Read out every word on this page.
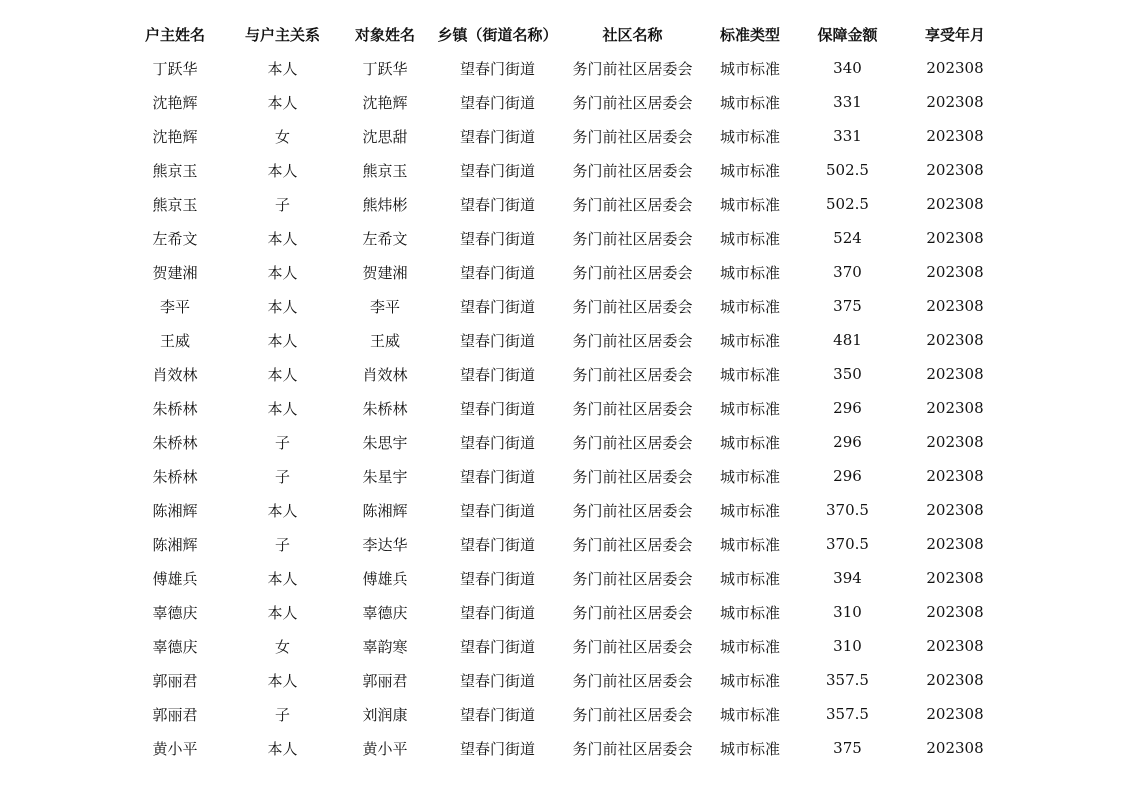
户主姓名	与户主关系	对象姓名	乡镇（街道名称）	社区名称	标准类型	保障金额	享受年月
丁跃华	本人	丁跃华	望春门街道	务门前社区居委会	城市标准	340	202308
沈艳辉	本人	沈艳辉	望春门街道	务门前社区居委会	城市标准	331	202308
沈艳辉	女	沈思甜	望春门街道	务门前社区居委会	城市标准	331	202308
熊京玉	本人	熊京玉	望春门街道	务门前社区居委会	城市标准	502.5	202308
熊京玉	子	熊炜彬	望春门街道	务门前社区居委会	城市标准	502.5	202308
左希文	本人	左希文	望春门街道	务门前社区居委会	城市标准	524	202308
贺建湘	本人	贺建湘	望春门街道	务门前社区居委会	城市标准	370	202308
李平	本人	李平	望春门街道	务门前社区居委会	城市标准	375	202308
王威	本人	王威	望春门街道	务门前社区居委会	城市标准	481	202308
肖效林	本人	肖效林	望春门街道	务门前社区居委会	城市标准	350	202308
朱桥林	本人	朱桥林	望春门街道	务门前社区居委会	城市标准	296	202308
朱桥林	子	朱思宇	望春门街道	务门前社区居委会	城市标准	296	202308
朱桥林	子	朱星宇	望春门街道	务门前社区居委会	城市标准	296	202308
陈湘辉	本人	陈湘辉	望春门街道	务门前社区居委会	城市标准	370.5	202308
陈湘辉	子	李达华	望春门街道	务门前社区居委会	城市标准	370.5	202308
傅雄兵	本人	傅雄兵	望春门街道	务门前社区居委会	城市标准	394	202308
辜德庆	本人	辜德庆	望春门街道	务门前社区居委会	城市标准	310	202308
辜德庆	女	辜韵寒	望春门街道	务门前社区居委会	城市标准	310	202308
郭丽君	本人	郭丽君	望春门街道	务门前社区居委会	城市标准	357.5	202308
郭丽君	子	刘润康	望春门街道	务门前社区居委会	城市标准	357.5	202308
黄小平	本人	黄小平	望春门街道	务门前社区居委会	城市标准	375	202308
